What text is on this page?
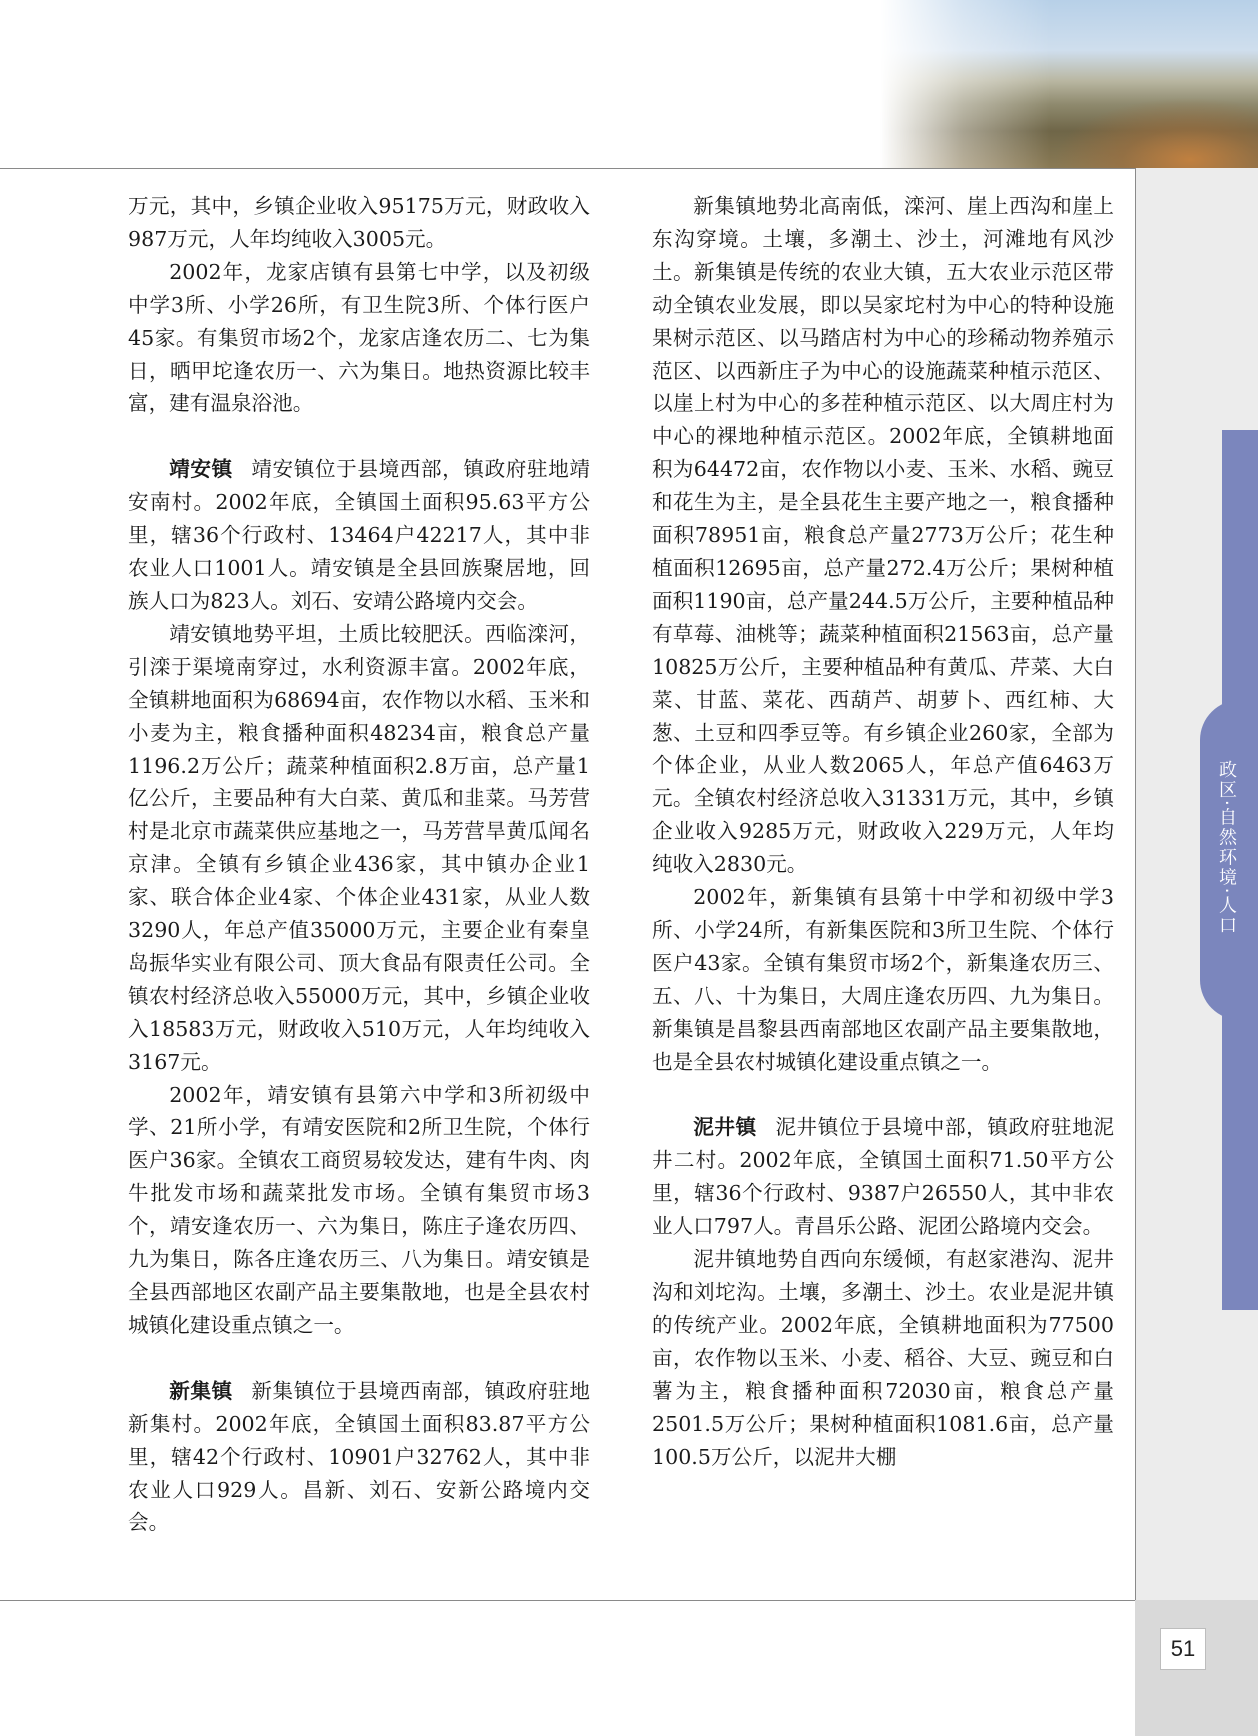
政区·自然环境·人口

万元，其中，乡镇企业收入95175万元，财政收入987万元，人年均纯收入3005元。

2002年，龙家店镇有县第七中学，以及初级中学3所、小学26所，有卫生院3所、个体行医户45家。有集贸市场2个，龙家店逢农历二、七为集日，晒甲坨逢农历一、六为集日。地热资源比较丰富，建有温泉浴池。

靖安镇 靖安镇位于县境西部，镇政府驻地靖安南村。2002年底，全镇国土面积95.63平方公里，辖36个行政村、13464户42217人，其中非农业人口1001人。靖安镇是全县回族聚居地，回族人口为823人。刘石、安靖公路境内交会。

靖安镇地势平坦，土质比较肥沃。西临滦河，引滦于渠境南穿过，水利资源丰富。2002年底，全镇耕地面积为68694亩，农作物以水稻、玉米和小麦为主，粮食播种面积48234亩，粮食总产量1196.2万公斤；蔬菜种植面积2.8万亩，总产量1亿公斤，主要品种有大白菜、黄瓜和韭菜。马芳营村是北京市蔬菜供应基地之一，马芳营旱黄瓜闻名京津。全镇有乡镇企业436家，其中镇办企业1家、联合体企业4家、个体企业431家，从业人数3290人，年总产值35000万元，主要企业有秦皇岛振华实业有限公司、顶大食品有限责任公司。全镇农村经济总收入55000万元，其中，乡镇企业收入18583万元，财政收入510万元，人年均纯收入3167元。

2002年，靖安镇有县第六中学和3所初级中学、21所小学，有靖安医院和2所卫生院，个体行医户36家。全镇农工商贸易较发达，建有牛肉、肉牛批发市场和蔬菜批发市场。全镇有集贸市场3个，靖安逢农历一、六为集日，陈庄子逢农历四、九为集日，陈各庄逢农历三、八为集日。靖安镇是全县西部地区农副产品主要集散地，也是全县农村城镇化建设重点镇之一。

新集镇 新集镇位于县境西南部，镇政府驻地新集村。2002年底，全镇国土面积83.87平方公里，辖42个行政村、10901户32762人，其中非农业人口929人。昌新、刘石、安新公路境内交会。

新集镇地势北高南低，滦河、崖上西沟和崖上东沟穿境。土壤，多潮土、沙土，河滩地有风沙土。新集镇是传统的农业大镇，五大农业示范区带动全镇农业发展，即以吴家坨村为中心的特种设施果树示范区、以马踏店村为中心的珍稀动物养殖示范区、以西新庄子为中心的设施蔬菜种植示范区、以崖上村为中心的多茬种植示范区、以大周庄村为中心的裸地种植示范区。2002年底，全镇耕地面积为64472亩，农作物以小麦、玉米、水稻、豌豆和花生为主，是全县花生主要产地之一，粮食播种面积78951亩，粮食总产量2773万公斤；花生种植面积12695亩，总产量272.4万公斤；果树种植面积1190亩，总产量244.5万公斤，主要种植品种有草莓、油桃等；蔬菜种植面积21563亩，总产量10825万公斤，主要种植品种有黄瓜、芹菜、大白菜、甘蓝、菜花、西葫芦、胡萝卜、西红柿、大葱、土豆和四季豆等。有乡镇企业260家，全部为个体企业，从业人数2065人，年总产值6463万元。全镇农村经济总收入31331万元，其中，乡镇企业收入9285万元，财政收入229万元，人年均纯收入2830元。

2002年，新集镇有县第十中学和初级中学3所、小学24所，有新集医院和3所卫生院、个体行医户43家。全镇有集贸市场2个，新集逢农历三、五、八、十为集日，大周庄逢农历四、九为集日。新集镇是昌黎县西南部地区农副产品主要集散地，也是全县农村城镇化建设重点镇之一。

泥井镇 泥井镇位于县境中部，镇政府驻地泥井二村。2002年底，全镇国土面积71.50平方公里，辖36个行政村、9387户26550人，其中非农业人口797人。青昌乐公路、泥团公路境内交会。

泥井镇地势自西向东缓倾，有赵家港沟、泥井沟和刘坨沟。土壤，多潮土、沙土。农业是泥井镇的传统产业。2002年底，全镇耕地面积为77500亩，农作物以玉米、小麦、稻谷、大豆、豌豆和白薯为主，粮食播种面积72030亩，粮食总产量2501.5万公斤；果树种植面积1081.6亩，总产量100.5万公斤，以泥井大棚

51
